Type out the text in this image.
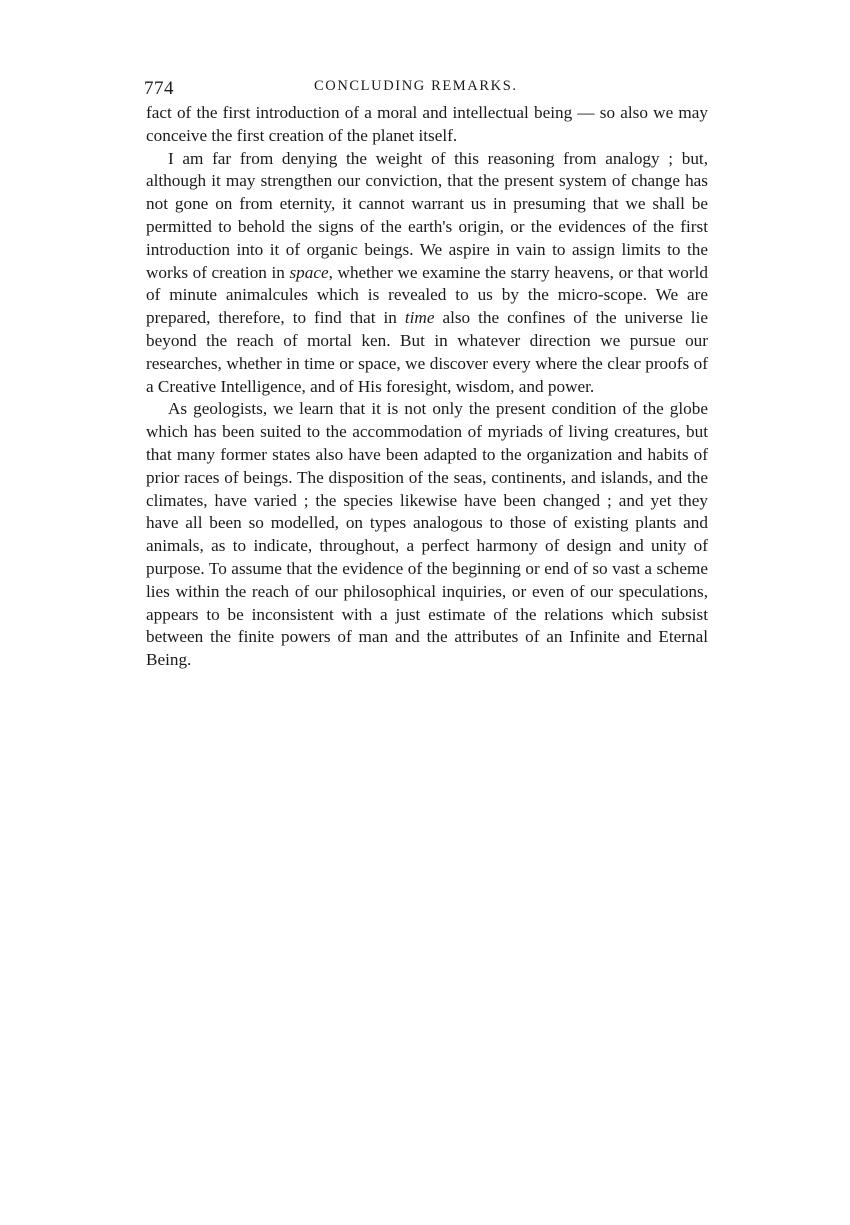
774	CONCLUDING REMARKS.

fact of the first introduction of a moral and intellectual being — so also we may conceive the first creation of the planet itself.

I am far from denying the weight of this reasoning from analogy ; but, although it may strengthen our conviction, that the present system of change has not gone on from eternity, it cannot warrant us in presuming that we shall be permitted to behold the signs of the earth's origin, or the evidences of the first introduction into it of organic beings. We aspire in vain to assign limits to the works of creation in space, whether we examine the starry heavens, or that world of minute animalcules which is revealed to us by the micro-scope. We are prepared, therefore, to find that in time also the confines of the universe lie beyond the reach of mortal ken. But in whatever direction we pursue our researches, whether in time or space, we discover every where the clear proofs of a Creative Intelligence, and of His foresight, wisdom, and power.

As geologists, we learn that it is not only the present condition of the globe which has been suited to the accommodation of myriads of living creatures, but that many former states also have been adapted to the organization and habits of prior races of beings. The disposition of the seas, continents, and islands, and the climates, have varied ; the species likewise have been changed ; and yet they have all been so modelled, on types analogous to those of existing plants and animals, as to indicate, throughout, a perfect harmony of design and unity of purpose. To assume that the evidence of the beginning or end of so vast a scheme lies within the reach of our philosophical inquiries, or even of our speculations, appears to be inconsistent with a just estimate of the relations which subsist between the finite powers of man and the attributes of an Infinite and Eternal Being.
